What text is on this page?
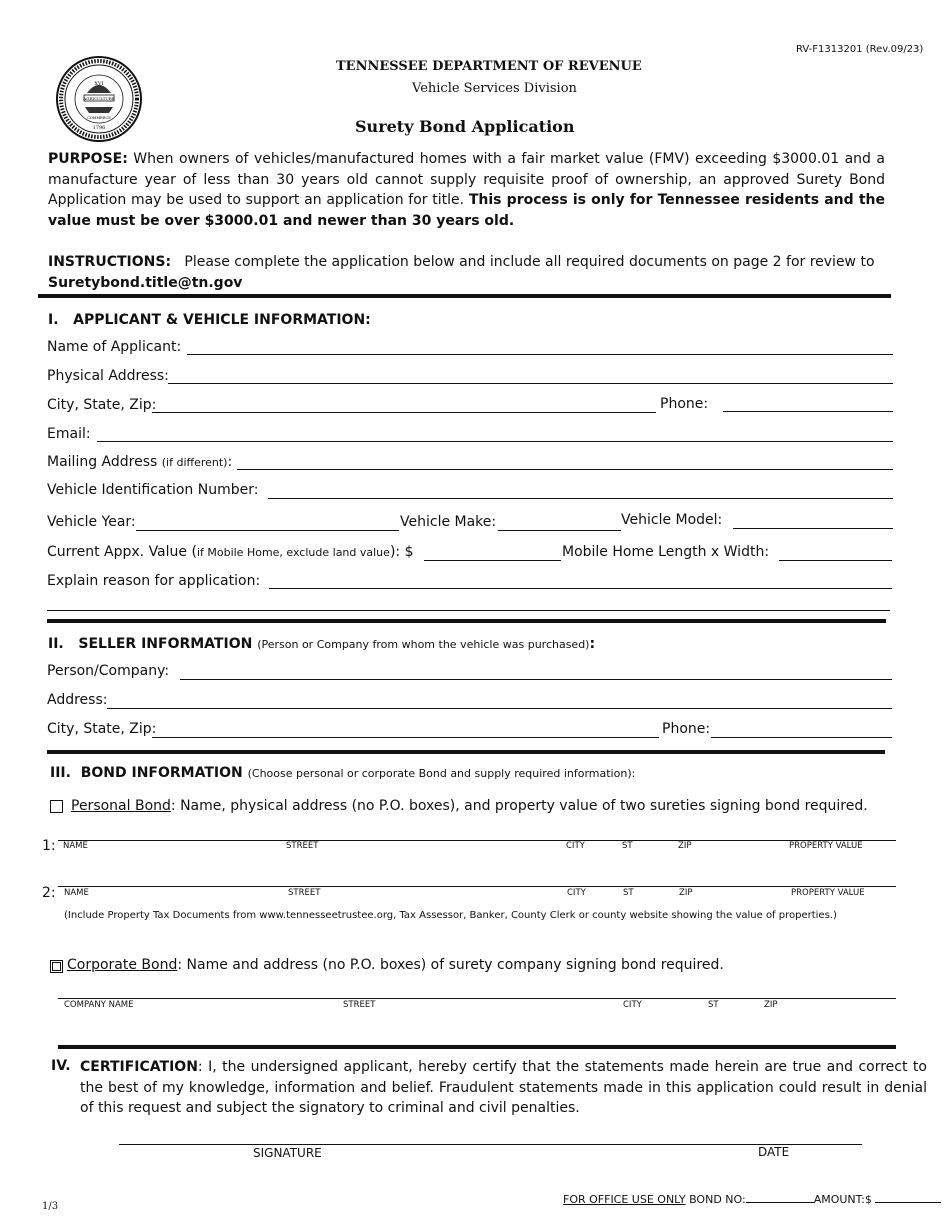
RV-F1313201 (Rev.09/23)
XVI
AGRICULTURE
COMMERCE
1796
TENNESSEE DEPARTMENT OF REVENUE
Vehicle Services Division
Surety Bond Application
PURPOSE: When owners of vehicles/manufactured homes with a fair market value (FMV) exceeding $3000.01 and a manufacture year of less than 30 years old cannot supply requisite proof of ownership, an approved Surety Bond Application may be used to support an application for title. This process is only for Tennessee residents and the value must be over $3000.01 and newer than 30 years old.
INSTRUCTIONS: Please complete the application below and include all required documents on page 2 for review to Suretybond.title@tn.gov
I. APPLICANT & VEHICLE INFORMATION:
Name of Applicant:
Physical Address:
City, State, Zip:	Phone:
Email:
Mailing Address (if different):
Vehicle Identification Number:
Vehicle Year:	Vehicle Make:	Vehicle Model:
Current Appx. Value (if Mobile Home, exclude land value): $	Mobile Home Length x Width:
Explain reason for application:
II. SELLER INFORMATION (Person or Company from whom the vehicle was purchased):
Person/Company:
Address:
City, State, Zip:	Phone:
III. BOND INFORMATION (Choose personal or corporate Bond and supply required information):
Personal Bond: Name, physical address (no P.O. boxes), and property value of two sureties signing bond required.
1: NAME	STREET	CITY	ST	ZIP	PROPERTY VALUE
2: NAME	STREET	CITY	ST	ZIP	PROPERTY VALUE
(Include Property Tax Documents from www.tennesseetrustee.org, Tax Assessor, Banker, County Clerk or county website showing the value of properties.)
Corporate Bond: Name and address (no P.O. boxes) of surety company signing bond required.
COMPANY NAME	STREET	CITY	ST	ZIP
IV. CERTIFICATION: I, the undersigned applicant, hereby certify that the statements made herein are true and correct to the best of my knowledge, information and belief. Fraudulent statements made in this application could result in denial of this request and subject the signatory to criminal and civil penalties.
SIGNATURE	DATE
1/3
FOR OFFICE USE ONLY BOND NO:	AMOUNT:$
